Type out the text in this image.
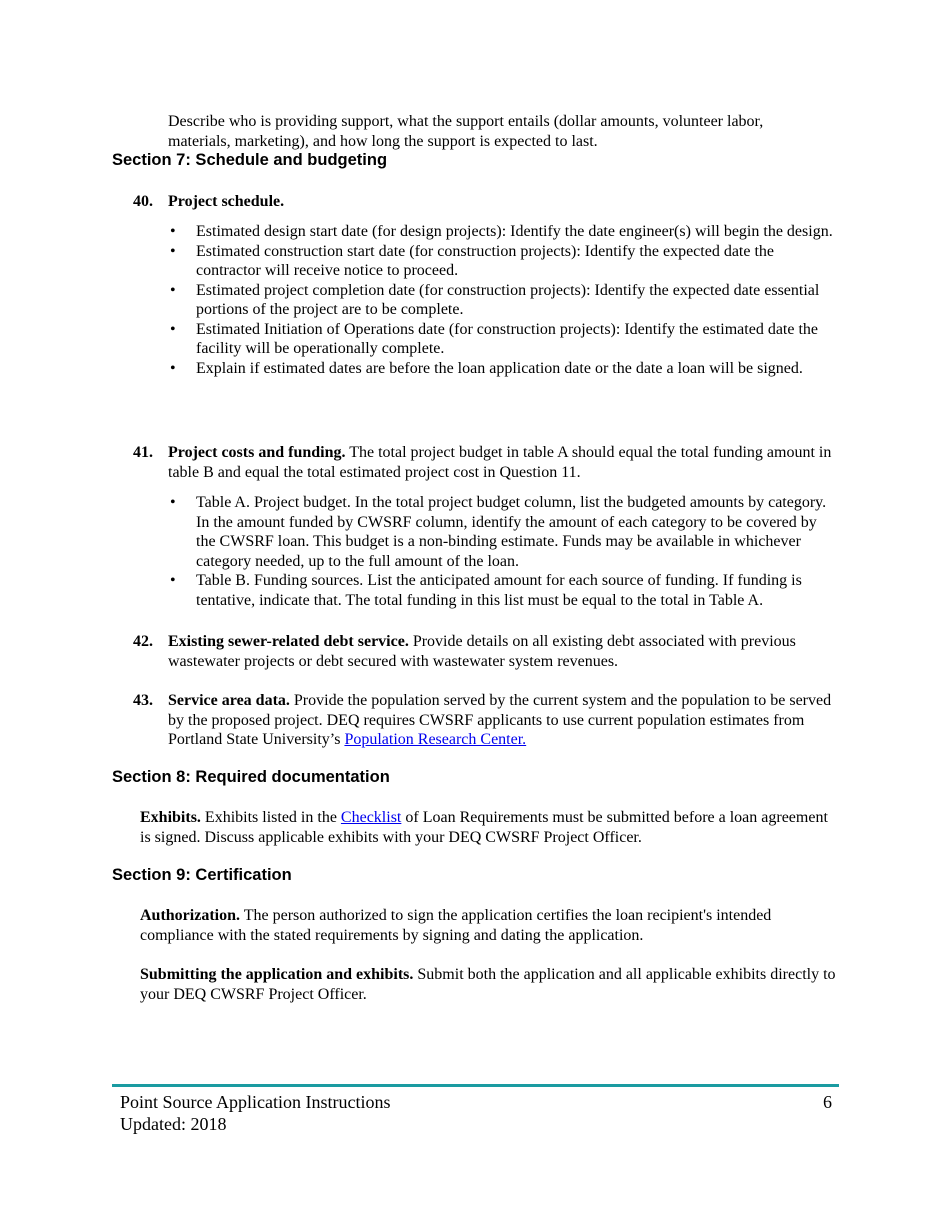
Describe who is providing support, what the support entails (dollar amounts, volunteer labor, materials, marketing), and how long the support is expected to last.
Section 7: Schedule and budgeting
40. Project schedule.
• Estimated design start date (for design projects): Identify the date engineer(s) will begin the design.
• Estimated construction start date (for construction projects): Identify the expected date the contractor will receive notice to proceed.
• Estimated project completion date (for construction projects): Identify the expected date essential portions of the project are to be complete.
• Estimated Initiation of Operations date (for construction projects): Identify the estimated date the facility will be operationally complete.
• Explain if estimated dates are before the loan application date or the date a loan will be signed.
41. Project costs and funding. The total project budget in table A should equal the total funding amount in table B and equal the total estimated project cost in Question 11.
• Table A. Project budget. In the total project budget column, list the budgeted amounts by category. In the amount funded by CWSRF column, identify the amount of each category to be covered by the CWSRF loan. This budget is a non-binding estimate. Funds may be available in whichever category needed, up to the full amount of the loan.
• Table B. Funding sources. List the anticipated amount for each source of funding. If funding is tentative, indicate that. The total funding in this list must be equal to the total in Table A.
42. Existing sewer-related debt service. Provide details on all existing debt associated with previous wastewater projects or debt secured with wastewater system revenues.
43. Service area data. Provide the population served by the current system and the population to be served by the proposed project. DEQ requires CWSRF applicants to use current population estimates from Portland State University’s Population Research Center.
Section 8: Required documentation
Exhibits. Exhibits listed in the Checklist of Loan Requirements must be submitted before a loan agreement is signed. Discuss applicable exhibits with your DEQ CWSRF Project Officer.
Section 9: Certification
Authorization. The person authorized to sign the application certifies the loan recipient's intended compliance with the stated requirements by signing and dating the application.
Submitting the application and exhibits. Submit both the application and all applicable exhibits directly to your DEQ CWSRF Project Officer.
Point Source Application Instructions
Updated: 2018
6
